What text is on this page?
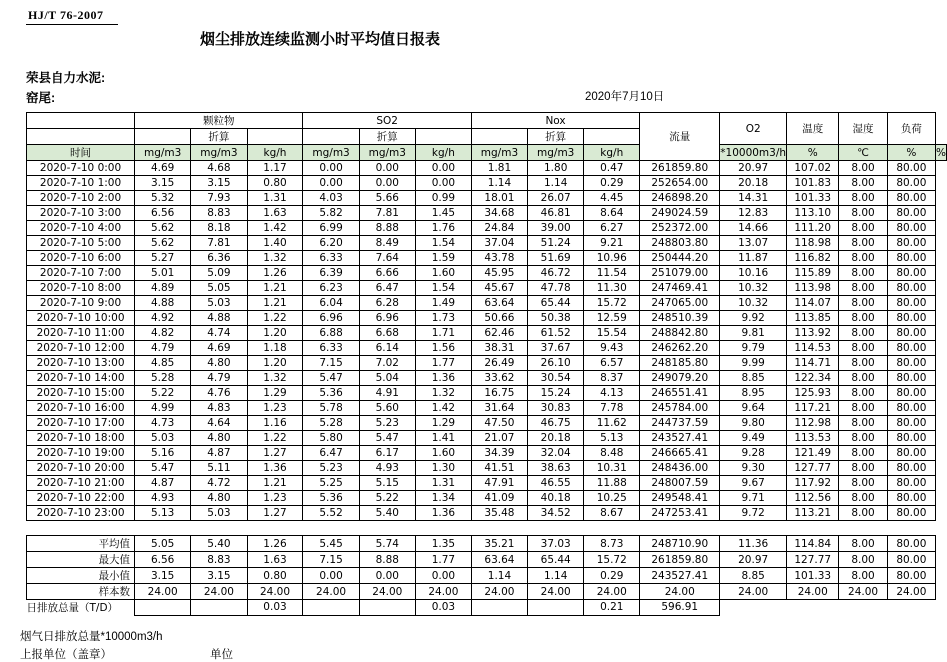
HJ/T 76-2007
烟尘排放连续监测小时平均值日报表
荣县自力水泥:
窑尾:	2020年7月10日
	颗粒物			SO2			Nox			流量	O2	温度	湿度	负荷	
		折算			折算			折算							
时间	mg/m3	mg/m3	kg/h	mg/m3	mg/m3	kg/h	mg/m3	mg/m3	kg/h		*10000m3/h	%	℃	%	%
2020-7-10 0:00	4.69	4.68	1.17	0.00	0.00	0.00	1.81	1.80	0.47	261859.80	20.97	107.02	8.00	80.00	
2020-7-10 1:00	3.15	3.15	0.80	0.00	0.00	0.00	1.14	1.14	0.29	252654.00	20.18	101.83	8.00	80.00	
2020-7-10 2:00	5.32	7.93	1.31	4.03	5.66	0.99	18.01	26.07	4.45	246898.20	14.31	101.33	8.00	80.00	
2020-7-10 3:00	6.56	8.83	1.63	5.82	7.81	1.45	34.68	46.81	8.64	249024.59	12.83	113.10	8.00	80.00	
2020-7-10 4:00	5.62	8.18	1.42	6.99	8.88	1.76	24.84	39.00	6.27	252372.00	14.66	111.20	8.00	80.00	
2020-7-10 5:00	5.62	7.81	1.40	6.20	8.49	1.54	37.04	51.24	9.21	248803.80	13.07	118.98	8.00	80.00	
2020-7-10 6:00	5.27	6.36	1.32	6.33	7.64	1.59	43.78	51.69	10.96	250444.20	11.87	116.82	8.00	80.00	
2020-7-10 7:00	5.01	5.09	1.26	6.39	6.66	1.60	45.95	46.72	11.54	251079.00	10.16	115.89	8.00	80.00	
2020-7-10 8:00	4.89	5.05	1.21	6.23	6.47	1.54	45.67	47.78	11.30	247469.41	10.32	113.98	8.00	80.00	
2020-7-10 9:00	4.88	5.03	1.21	6.04	6.28	1.49	63.64	65.44	15.72	247065.00	10.32	114.07	8.00	80.00	
2020-7-10 10:00	4.92	4.88	1.22	6.96	6.96	1.73	50.66	50.38	12.59	248510.39	9.92	113.85	8.00	80.00	
2020-7-10 11:00	4.82	4.74	1.20	6.88	6.68	1.71	62.46	61.52	15.54	248842.80	9.81	113.92	8.00	80.00	
2020-7-10 12:00	4.79	4.69	1.18	6.33	6.14	1.56	38.31	37.67	9.43	246262.20	9.79	114.53	8.00	80.00	
2020-7-10 13:00	4.85	4.80	1.20	7.15	7.02	1.77	26.49	26.10	6.57	248185.80	9.99	114.71	8.00	80.00	
2020-7-10 14:00	5.28	4.79	1.32	5.47	5.04	1.36	33.62	30.54	8.37	249079.20	8.85	122.34	8.00	80.00	
2020-7-10 15:00	5.22	4.76	1.29	5.36	4.91	1.32	16.75	15.24	4.13	246551.41	8.95	125.93	8.00	80.00	
2020-7-10 16:00	4.99	4.83	1.23	5.78	5.60	1.42	31.64	30.83	7.78	245784.00	9.64	117.21	8.00	80.00	
2020-7-10 17:00	4.73	4.64	1.16	5.28	5.23	1.29	47.50	46.75	11.62	244737.59	9.80	112.98	8.00	80.00	
2020-7-10 18:00	5.03	4.80	1.22	5.80	5.47	1.41	21.07	20.18	5.13	243527.41	9.49	113.53	8.00	80.00	
2020-7-10 19:00	5.16	4.87	1.27	6.47	6.17	1.60	34.39	32.04	8.48	246665.41	9.28	121.49	8.00	80.00	
2020-7-10 20:00	5.47	5.11	1.36	5.23	4.93	1.30	41.51	38.63	10.31	248436.00	9.30	127.77	8.00	80.00	
2020-7-10 21:00	4.87	4.72	1.21	5.25	5.15	1.31	47.91	46.55	11.88	248007.59	9.67	117.92	8.00	80.00	
2020-7-10 22:00	4.93	4.80	1.23	5.36	5.22	1.34	41.09	40.18	10.25	249548.41	9.71	112.56	8.00	80.00	
2020-7-10 23:00	5.13	5.03	1.27	5.52	5.40	1.36	35.48	34.52	8.67	247253.41	9.72	113.21	8.00	80.00	

平均值	5.05	5.40	1.26	5.45	5.74	1.35	35.21	37.03	8.73	248710.90	11.36	114.84	8.00	80.00	
最大值	6.56	8.83	1.63	7.15	8.88	1.77	63.64	65.44	15.72	261859.80	20.97	127.77	8.00	80.00	
最小值	3.15	3.15	0.80	0.00	0.00	0.00	1.14	1.14	0.29	243527.41	8.85	101.33	8.00	80.00	
样本数	24.00	24.00	24.00	24.00	24.00	24.00	24.00	24.00	24.00	24.00	24.00	24.00	24.00	24.00	
日排放总量（T/D）			0.03			0.03			0.21	596.91					
烟气日排放总量*10000m3/h
上报单位（盖章）	单位
